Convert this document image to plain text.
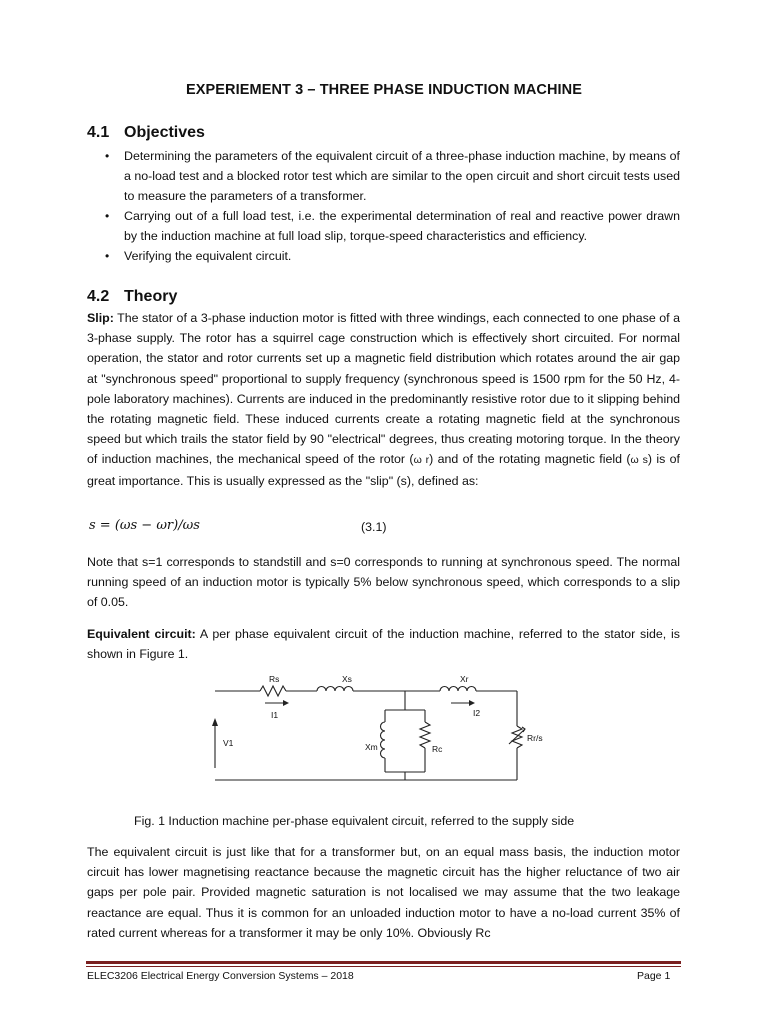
EXPERIEMENT 3 – THREE PHASE INDUCTION MACHINE
4.1 Objectives
• Determining the parameters of the equivalent circuit of a three-phase induction machine, by means of a no-load test and a blocked rotor test which are similar to the open circuit and short circuit tests used to measure the parameters of a transformer.
• Carrying out of a full load test, i.e. the experimental determination of real and reactive power drawn by the induction machine at full load slip, torque-speed characteristics and efficiency.
• Verifying the equivalent circuit.
4.2 Theory

Slip: The stator of a 3-phase induction motor is fitted with three windings, each connected to one phase of a 3-phase supply. The rotor has a squirrel cage construction which is effectively short circuited. For normal operation, the stator and rotor currents set up a magnetic field distribution which rotates around the air gap at "synchronous speed" proportional to supply frequency (synchronous speed is 1500 rpm for the 50 Hz, 4-pole laboratory machines). Currents are induced in the predominantly resistive rotor due to it slipping behind the rotating magnetic field. These induced currents create a rotating magnetic field at the synchronous speed but which trails the stator field by 90 "electrical" degrees, thus creating motoring torque. In the theory of induction machines, the mechanical speed of the rotor (ω r) and of the rotating magnetic field (ω s) is of great importance. This is usually expressed as the "slip" (s), defined as:

s = (ωs − ωr)/ωs	(3.1)

Note that s=1 corresponds to standstill and s=0 corresponds to running at synchronous speed. The normal running speed of an induction motor is typically 5% below synchronous speed, which corresponds to a slip of 0.05.

Equivalent circuit: A per phase equivalent circuit of the induction machine, referred to the stator side, is shown in Figure 1.

Rs	Xs	Xr
I1	I2
V1	Xm	Rc
Rr/s
Fig. 1 Induction machine per-phase equivalent circuit, referred to the supply side

The equivalent circuit is just like that for a transformer but, on an equal mass basis, the induction motor circuit has lower magnetising reactance because the magnetic circuit has the higher reluctance of two air gaps per pole pair. Provided magnetic saturation is not localised we may assume that the two leakage reactance are equal. Thus it is common for an unloaded induction motor to have a no-load current 35% of rated current whereas for a transformer it may be only 10%. Obviously Rc

ELEC3206 Electrical Energy Conversion Systems – 2018	Page 1
